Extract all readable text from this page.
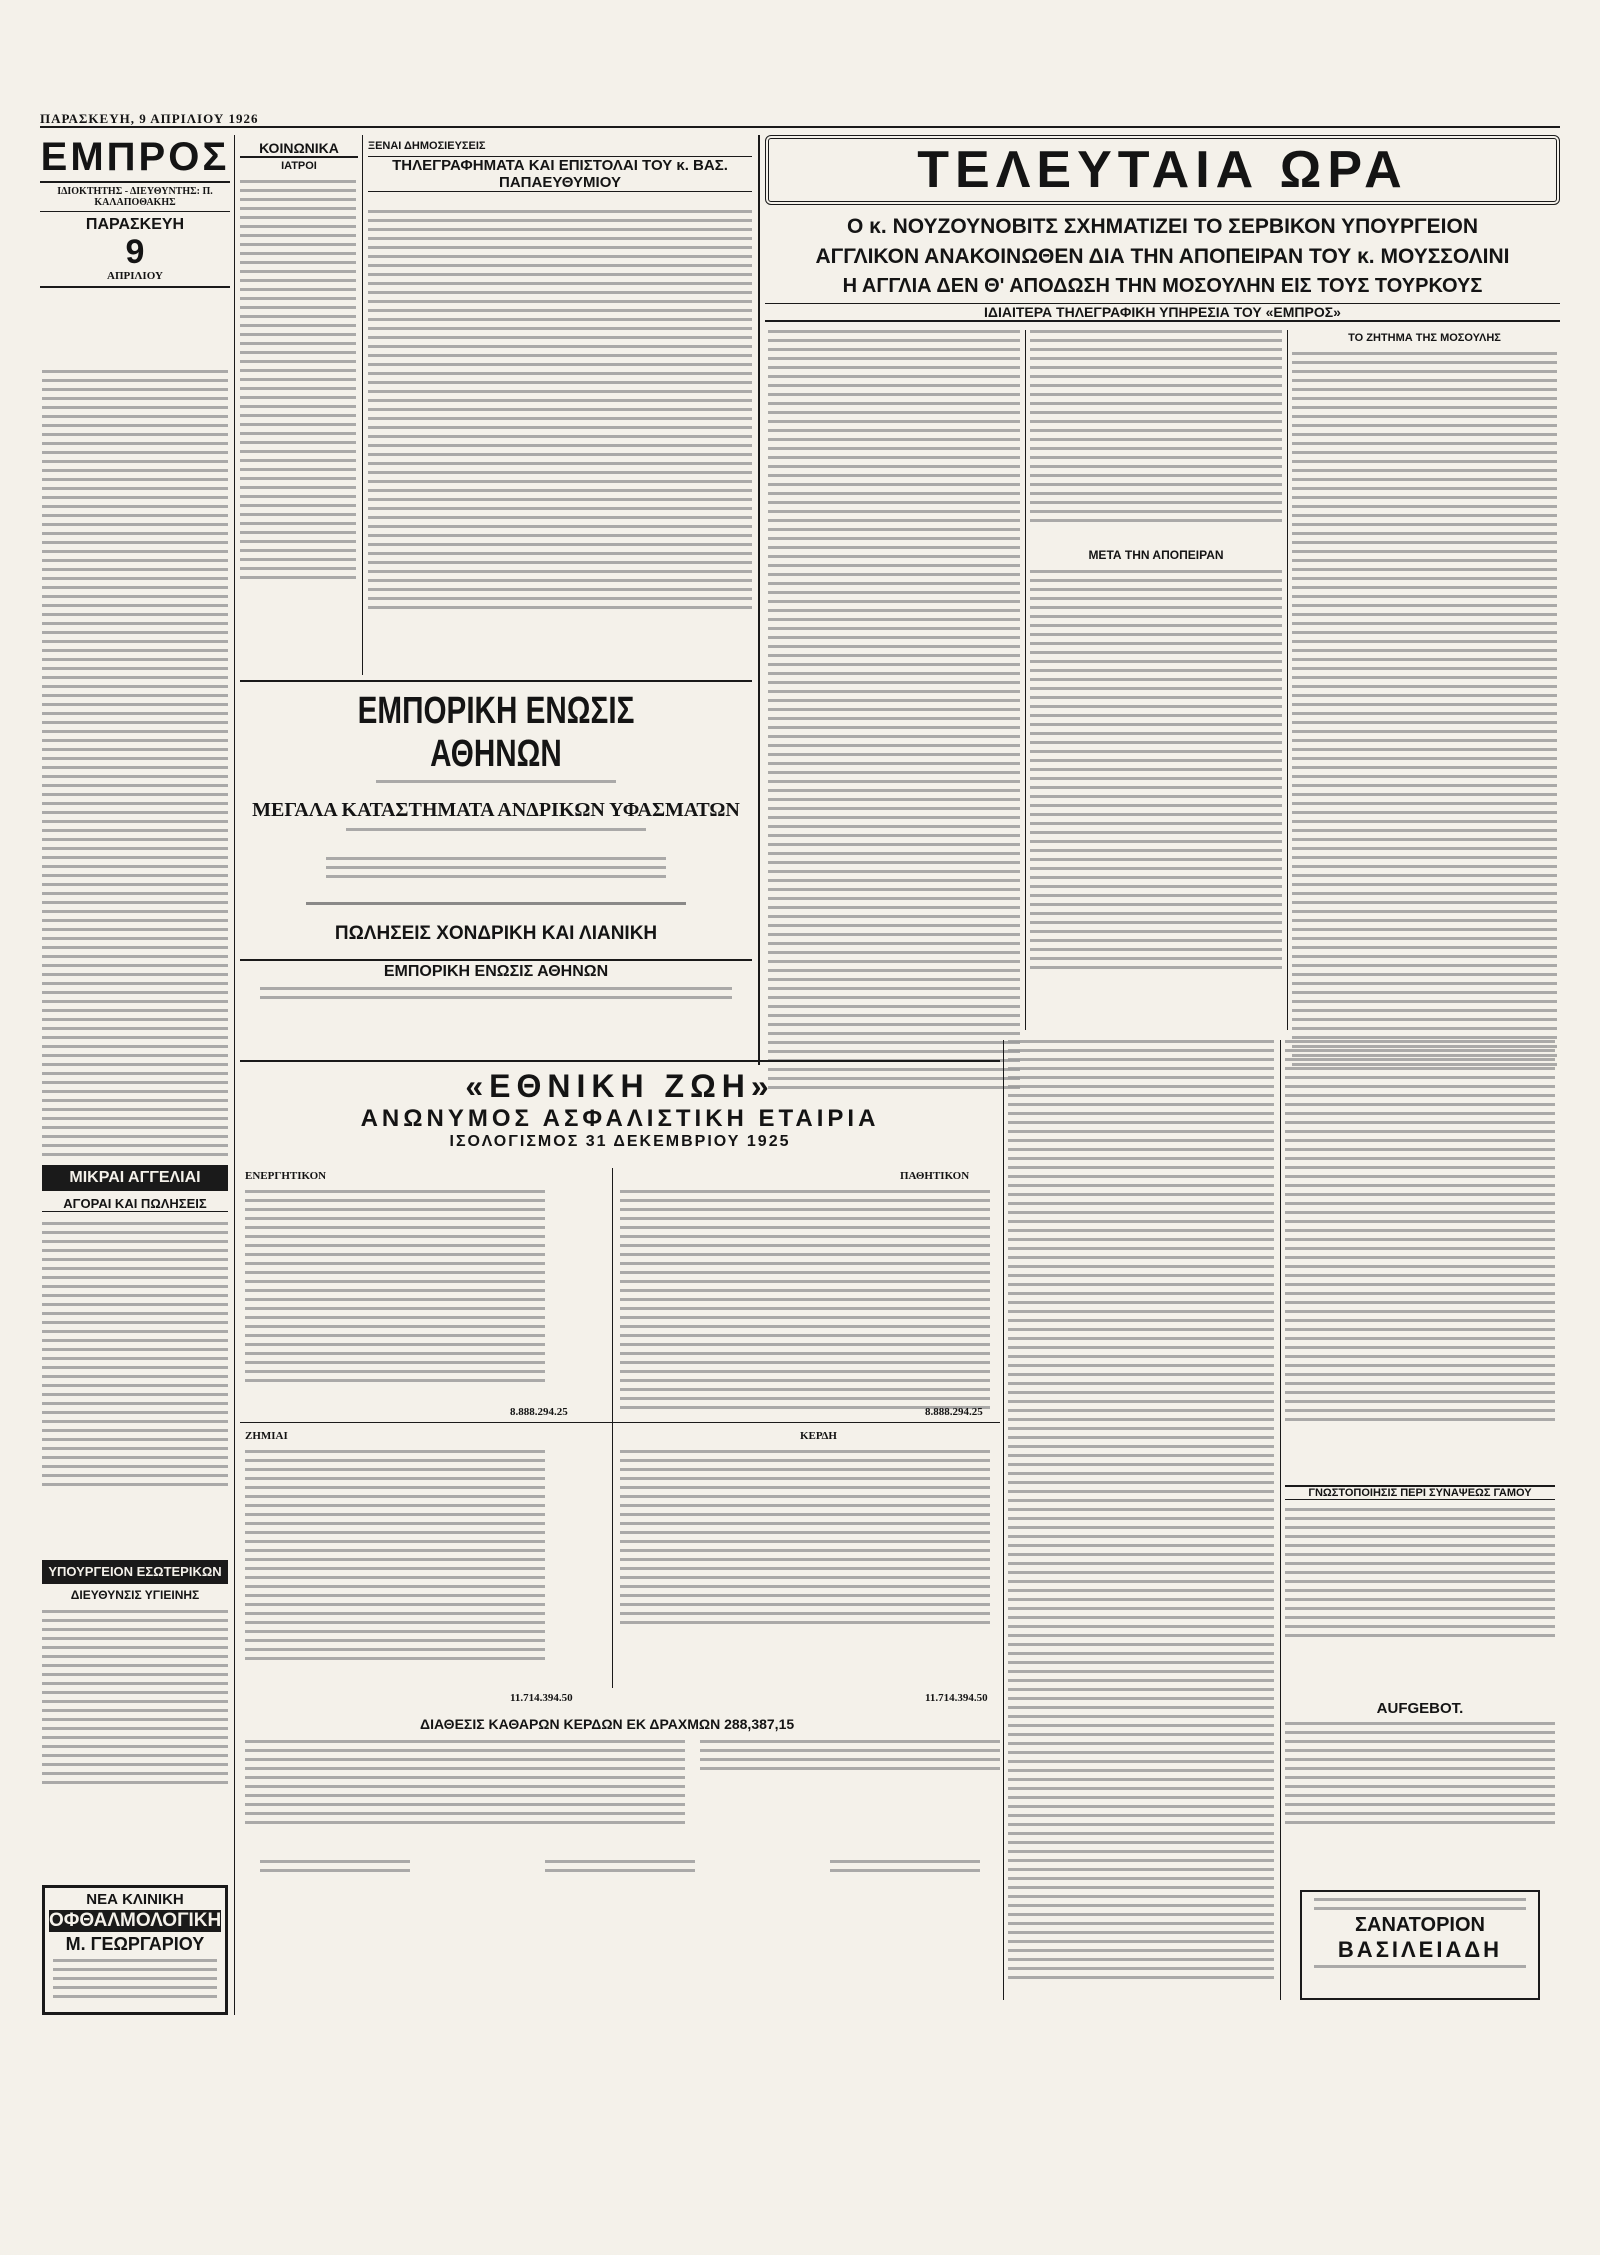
ΠΑΡΑΣΚΕΥΗ, 9 ΑΠΡΙΛΙΟΥ 1926
ΕΜΠΡΟΣ
ΙΔΙΟΚΤΗΤΗΣ - ΔΙΕΥΘΥΝΤΗΣ: Π. ΚΑΛΑΠΟΘΑΚΗΣ
ΠΑΡΑΣΚΕΥΗ
9
ΑΠΡΙΛΙΟΥ
ΜΙΚΡΑΙ ΑΓΓΕΛΙΑΙ
ΑΓΟΡΑΙ ΚΑΙ ΠΩΛΗΣΕΙΣ
ΥΠΟΥΡΓΕΙΟΝ ΕΣΩΤΕΡΙΚΩΝ
ΔΙΕΥΘΥΝΣΙΣ ΥΓΙΕΙΝΗΣ
ΝΕΑ ΚΛΙΝΙΚΗ
ΟΦΘΑΛΜΟΛΟΓΙΚΗ
Μ. ΓΕΩΡΓΑΡΙΟΥ
ΚΟΙΝΩΝΙΚΑ
ΙΑΤΡΟΙ
ΞΕΝΑΙ ΔΗΜΟΣΙΕΥΣΕΙΣ
ΤΗΛΕΓΡΑΦΗΜΑΤΑ ΚΑΙ ΕΠΙΣΤΟΛΑΙ ΤΟΥ κ. ΒΑΣ. ΠΑΠΑΕΥΘΥΜΙΟΥ
ΕΜΠΟΡΙΚΗ ΕΝΩΣΙΣ ΑΘΗΝΩΝ
ΜΕΓΑΛΑ ΚΑΤΑΣΤΗΜΑΤΑ ΑΝΔΡΙΚΩΝ ΥΦΑΣΜΑΤΩΝ
ΠΩΛΗΣΕΙΣ ΧΟΝΔΡΙΚΗ ΚΑΙ ΛΙΑΝΙΚΗ
ΕΜΠΟΡΙΚΗ ΕΝΩΣΙΣ ΑΘΗΝΩΝ
ΤΕΛΕΥΤΑΙΑ ΩΡΑ
Ο κ. ΝΟΥΖΟΥΝΟΒΙΤΣ ΣΧΗΜΑΤΙΖΕΙ ΤΟ ΣΕΡΒΙΚΟΝ ΥΠΟΥΡΓΕΙΟΝ
ΑΓΓΛΙΚΟΝ ΑΝΑΚΟΙΝΩΘΕΝ ΔΙΑ ΤΗΝ ΑΠΟΠΕΙΡΑΝ ΤΟΥ κ. ΜΟΥΣΣΟΛΙΝΙ
Η ΑΓΓΛΙΑ ΔΕΝ Θ' ΑΠΟΔΩΣΗ ΤΗΝ ΜΟΣΟΥΛΗΝ ΕΙΣ ΤΟΥΣ ΤΟΥΡΚΟΥΣ
ΙΔΙΑΙΤΕΡΑ ΤΗΛΕΓΡΑΦΙΚΗ ΥΠΗΡΕΣΙΑ ΤΟΥ «ΕΜΠΡΟΣ»
ΜΕΤΑ ΤΗΝ ΑΠΟΠΕΙΡΑΝ
ΤΟ ΖΗΤΗΜΑ ΤΗΣ ΜΟΣΟΥΛΗΣ
«ΕΘΝΙΚΗ ΖΩΗ»
ΑΝΩΝΥΜΟΣ ΑΣΦΑΛΙΣΤΙΚΗ ΕΤΑΙΡΙΑ
ΙΣΟΛΟΓΙΣΜΟΣ 31 ΔΕΚΕΜΒΡΙΟΥ 1925
ΕΝΕΡΓΗΤΙΚΟΝ	ΠΑΘΗΤΙΚΟΝ
8.888.294.25	8.888.294.25
ΖΗΜΙΑΙ	ΚΕΡΔΗ
11.714.394.50	11.714.394.50
ΔΙΑΘΕΣΙΣ ΚΑΘΑΡΩΝ ΚΕΡΔΩΝ ΕΚ ΔΡΑΧΜΩΝ 288,387,15
ΓΝΩΣΤΟΠΟΙΗΣΙΣ ΠΕΡΙ ΣΥΝΑΨΕΩΣ ΓΑΜΟΥ
AUFGEBOT.
ΣΑΝΑΤΟΡΙΟΝ
ΒΑΣΙΛΕΙΑΔΗ
